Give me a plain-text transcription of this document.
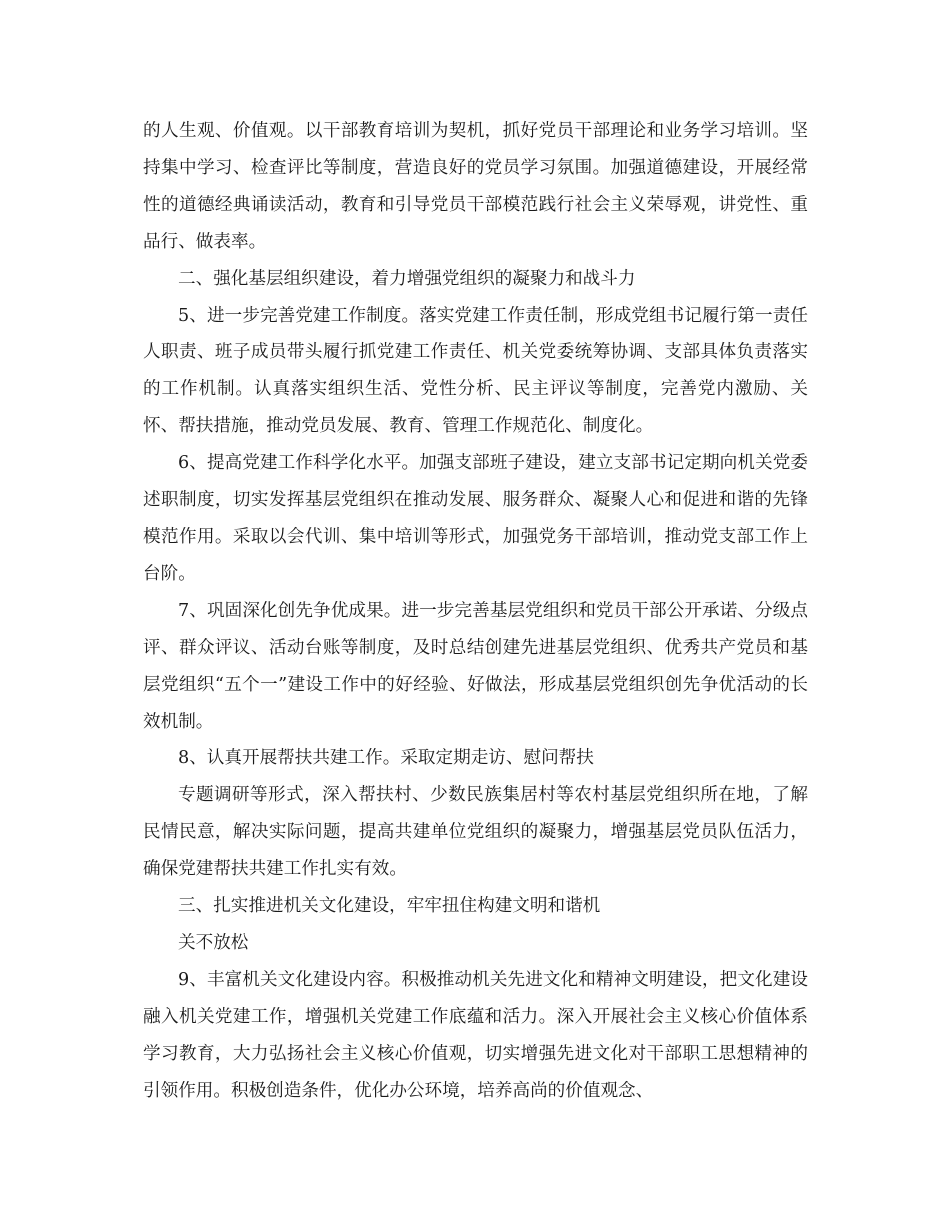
的人生观、价值观。以干部教育培训为契机，抓好党员干部理论和业务学习培训。坚持集中学习、检查评比等制度，营造良好的党员学习氛围。加强道德建设，开展经常性的道德经典诵读活动，教育和引导党员干部模范践行社会主义荣辱观，讲党性、重品行、做表率。

二、强化基层组织建设，着力增强党组织的凝聚力和战斗力

5、进一步完善党建工作制度。落实党建工作责任制，形成党组书记履行第一责任人职责、班子成员带头履行抓党建工作责任、机关党委统筹协调、支部具体负责落实的工作机制。认真落实组织生活、党性分析、民主评议等制度，完善党内激励、关怀、帮扶措施，推动党员发展、教育、管理工作规范化、制度化。

6、提高党建工作科学化水平。加强支部班子建设，建立支部书记定期向机关党委述职制度，切实发挥基层党组织在推动发展、服务群众、凝聚人心和促进和谐的先锋模范作用。采取以会代训、集中培训等形式，加强党务干部培训，推动党支部工作上台阶。

7、巩固深化创先争优成果。进一步完善基层党组织和党员干部公开承诺、分级点评、群众评议、活动台账等制度，及时总结创建先进基层党组织、优秀共产党员和基层党组织“五个一”建设工作中的好经验、好做法，形成基层党组织创先争优活动的长效机制。

8、认真开展帮扶共建工作。采取定期走访、慰问帮扶

专题调研等形式，深入帮扶村、少数民族集居村等农村基层党组织所在地，了解民情民意，解决实际问题，提高共建单位党组织的凝聚力，增强基层党员队伍活力，确保党建帮扶共建工作扎实有效。

三、扎实推进机关文化建设，牢牢扭住构建文明和谐机

关不放松

9、丰富机关文化建设内容。积极推动机关先进文化和精神文明建设，把文化建设融入机关党建工作，增强机关党建工作底蕴和活力。深入开展社会主义核心价值体系学习教育，大力弘扬社会主义核心价值观，切实增强先进文化对干部职工思想精神的引领作用。积极创造条件，优化办公环境，培养高尚的价值观念、
